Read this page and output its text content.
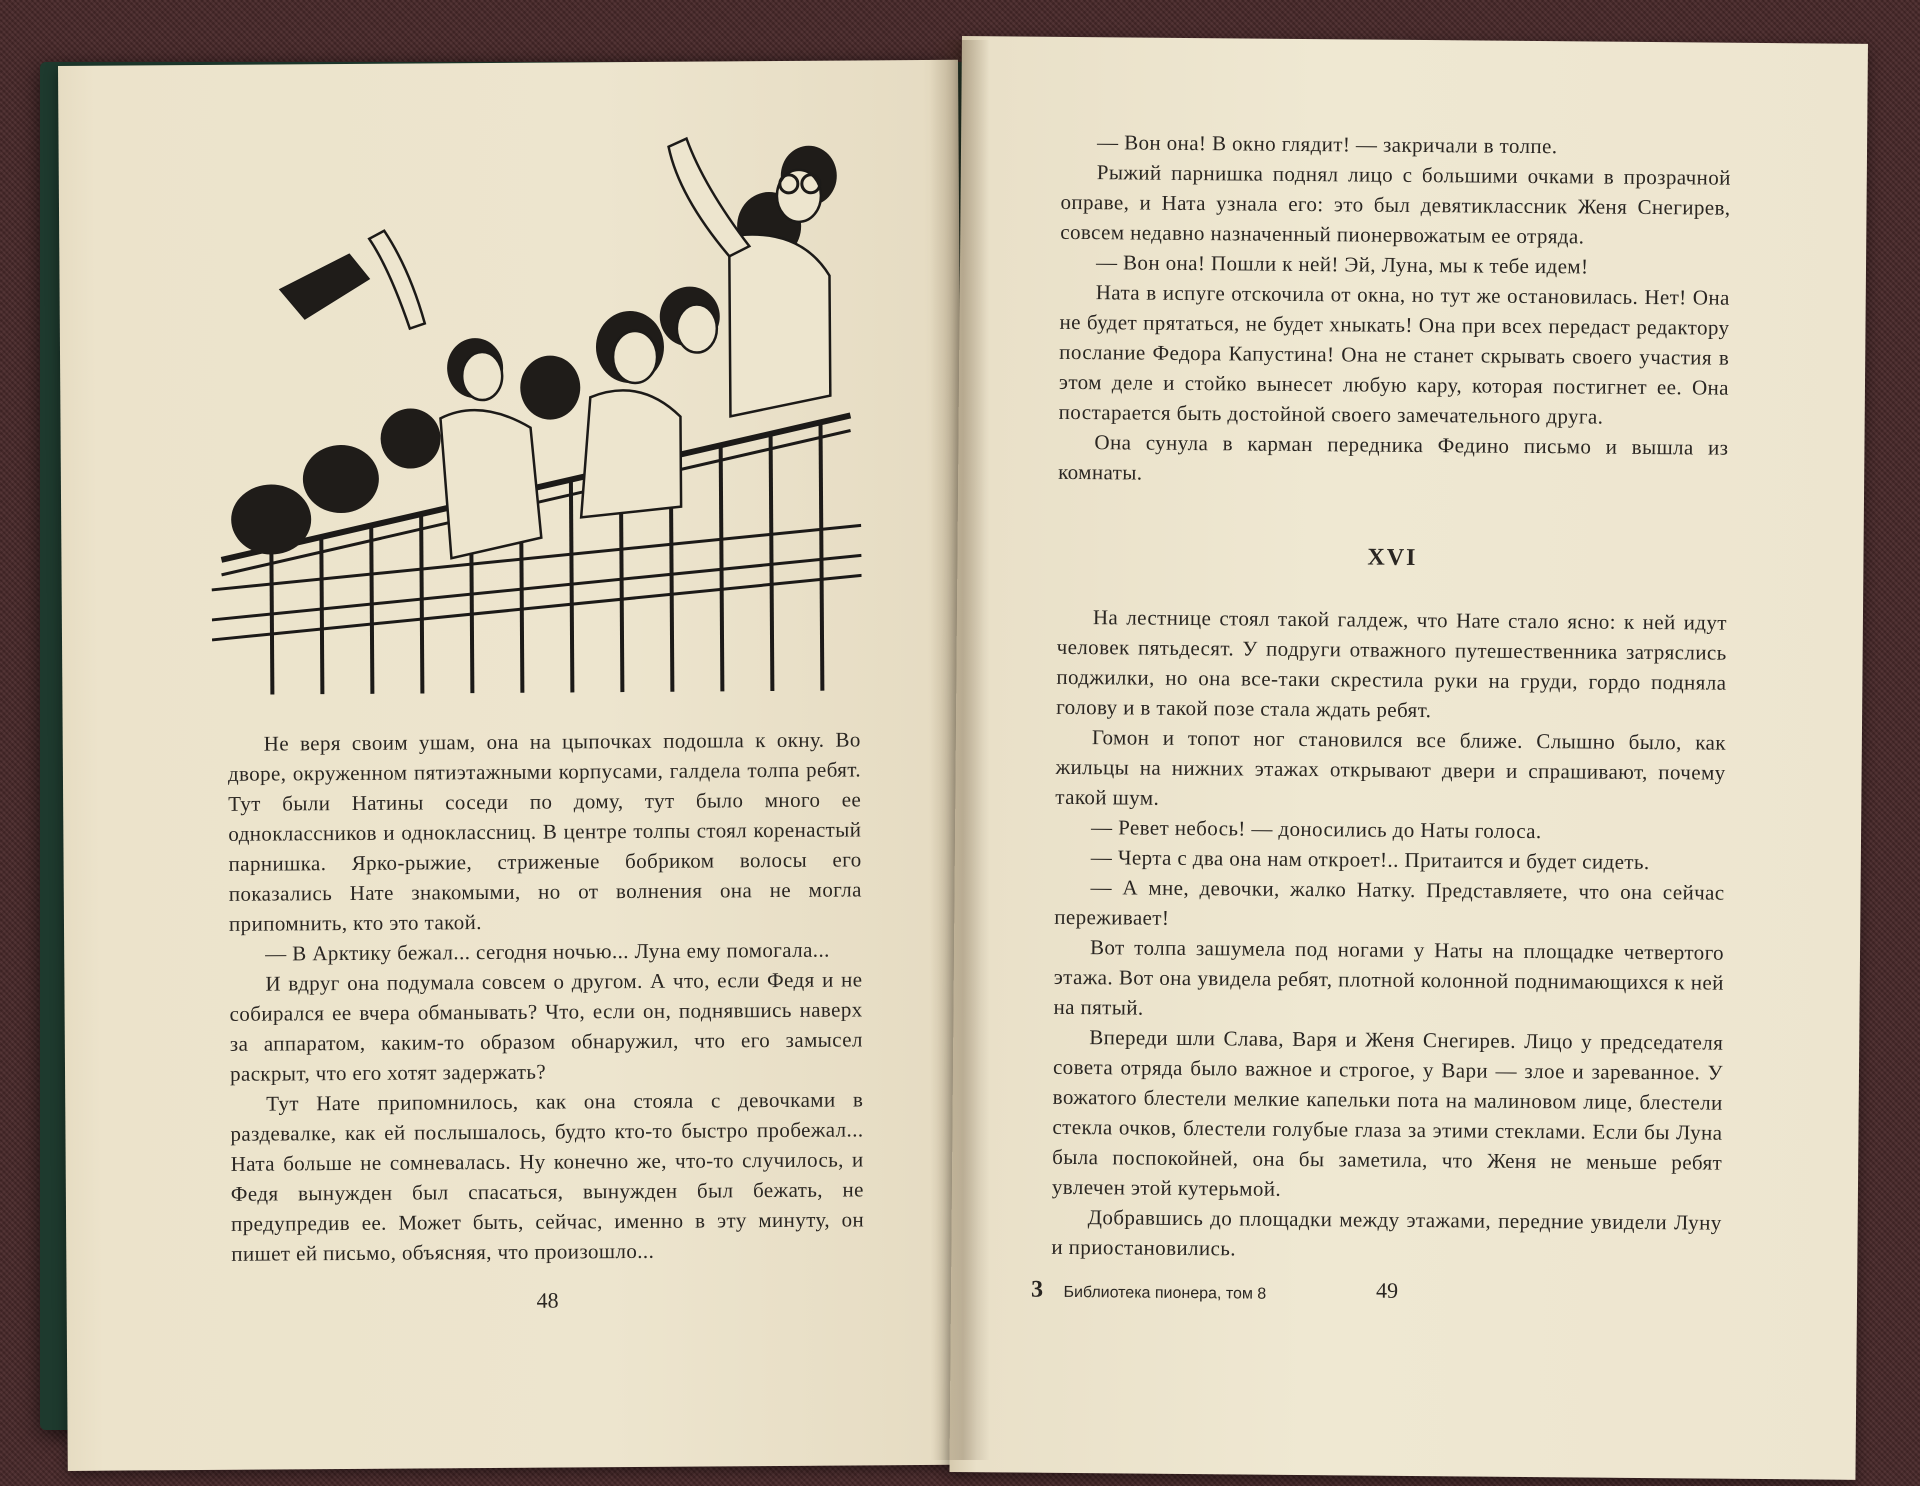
Не веря своим ушам, она на цыпочках подошла к окну. Во дворе, окруженном пятиэтажными корпусами, галдела толпа ребят. Тут были Натины соседи по дому, тут было много ее одноклассников и одноклассниц. В центре толпы стоял коренастый парнишка. Ярко-рыжие, стриженые бобриком волосы его показались Нате знакомыми, но от волнения она не могла припомнить, кто это такой.

— В Арктику бежал... сегодня ночью... Луна ему помогала...

И вдруг она подумала совсем о другом. А что, если Федя и не собирался ее вчера обманывать? Что, если он, поднявшись наверх за аппаратом, каким-то образом обнаружил, что его замысел раскрыт, что его хотят задержать?

Тут Нате припомнилось, как она стояла с девочками в раздевалке, как ей послышалось, будто кто-то быстро пробежал... Ната больше не сомневалась. Ну конечно же, что-то случилось, и Федя вынужден был спасаться, вынужден был бежать, не предупредив ее. Может быть, сейчас, именно в эту минуту, он пишет ей письмо, объясняя, что произошло...

48

— Вон она! В окно глядит! — закричали в толпе.

Рыжий парнишка поднял лицо с большими очками в прозрачной оправе, и Ната узнала его: это был девятиклассник Женя Снегирев, совсем недавно назначенный пионервожатым ее отряда.

— Вон она! Пошли к ней! Эй, Луна, мы к тебе идем!

Ната в испуге отскочила от окна, но тут же остановилась. Нет! Она не будет прятаться, не будет хныкать! Она при всех передаст редактору послание Федора Капустина! Она не станет скрывать своего участия в этом деле и стойко вынесет любую кару, которая постигнет ее. Она постарается быть достойной своего замечательного друга.

Она сунула в карман передника Федино письмо и вышла из комнаты.

XVI

На лестнице стоял такой галдеж, что Нате стало ясно: к ней идут человек пятьдесят. У подруги отважного путешественника затряслись поджилки, но она все-таки скрестила руки на груди, гордо подняла голову и в такой позе стала ждать ребят.

Гомон и топот ног становился все ближе. Слышно было, как жильцы на нижних этажах открывают двери и спрашивают, почему такой шум.

— Ревет небось! — доносились до Наты голоса.

— Черта с два она нам откроет!.. Притаится и будет сидеть.

— А мне, девочки, жалко Натку. Представляете, что она сейчас переживает!

Вот толпа зашумела под ногами у Наты на площадке четвертого этажа. Вот она увидела ребят, плотной колонной поднимающихся к ней на пятый.

Впереди шли Слава, Варя и Женя Снегирев. Лицо у председателя совета отряда было важное и строгое, у Вари — злое и зареванное. У вожатого блестели мелкие капельки пота на малиновом лице, блестели стекла очков, блестели голубые глаза за этими стеклами. Если бы Луна была поспокойней, она бы заметила, что Женя не меньше ребят увлечен этой кутерьмой.

Добравшись до площадки между этажами, передние увидели Луну и приостановились.

3 Библиотека пионера, том 8	49
